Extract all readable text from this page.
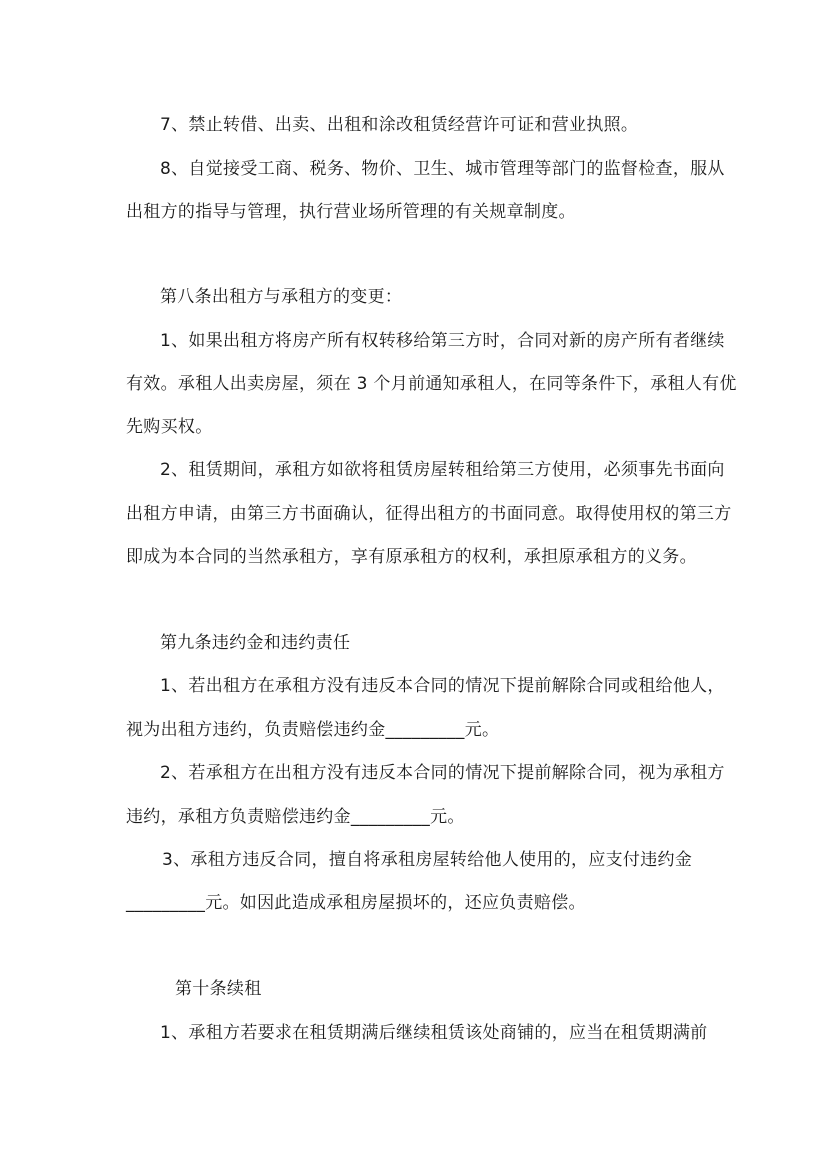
7、禁止转借、出卖、出租和涂改租赁经营许可证和营业执照。
8、自觉接受工商、税务、物价、卫生、城市管理等部门的监督检查，服从
出租方的指导与管理，执行营业场所管理的有关规章制度。
第八条出租方与承租方的变更：
1、如果出租方将房产所有权转移给第三方时，合同对新的房产所有者继续
有效。承租人出卖房屋，须在 3 个月前通知承租人，在同等条件下，承租人有优
先购买权。
2、租赁期间，承租方如欲将租赁房屋转租给第三方使用，必须事先书面向
出租方申请，由第三方书面确认，征得出租方的书面同意。取得使用权的第三方
即成为本合同的当然承租方，享有原承租方的权利，承担原承租方的义务。
第九条违约金和违约责任
1、若出租方在承租方没有违反本合同的情况下提前解除合同或租给他人，
视为出租方违约，负责赔偿违约金_________元。
2、若承租方在出租方没有违反本合同的情况下提前解除合同，视为承租方
违约，承租方负责赔偿违约金_________元。
3、承租方违反合同，擅自将承租房屋转给他人使用的，应支付违约金
_________元。如因此造成承租房屋损坏的，还应负责赔偿。
第十条续租
1、承租方若要求在租赁期满后继续租赁该处商铺的，应当在租赁期满前
